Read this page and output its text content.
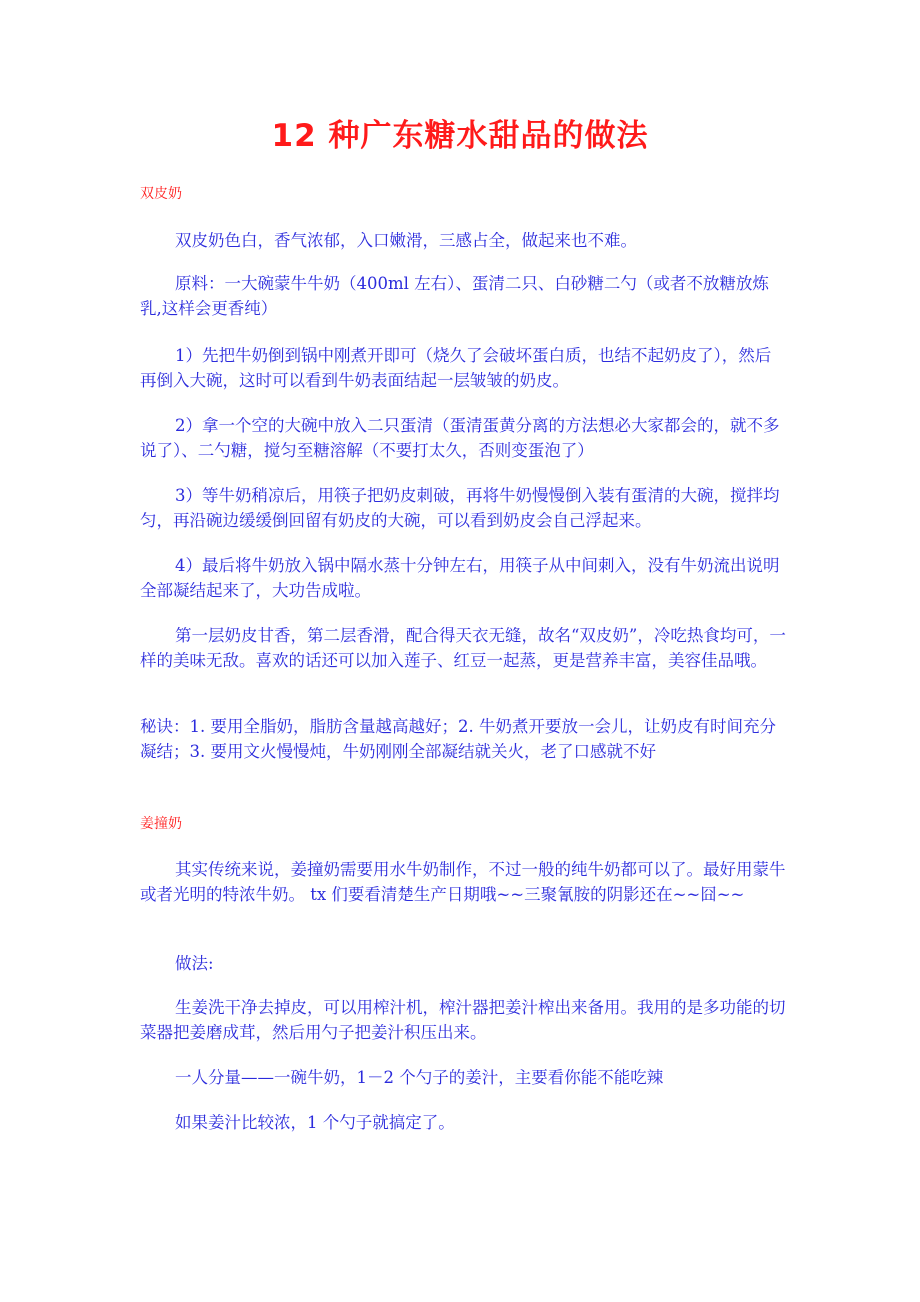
12 种广东糖水甜品的做法
双皮奶
双皮奶色白，香气浓郁，入口嫩滑，三感占全，做起来也不难。
原料：一大碗蒙牛牛奶（400ml 左右）、蛋清二只、白砂糖二勺（或者不放糖放炼乳,这样会更香纯）
1）先把牛奶倒到锅中刚煮开即可（烧久了会破坏蛋白质，也结不起奶皮了），然后再倒入大碗，这时可以看到牛奶表面结起一层皱皱的奶皮。
2）拿一个空的大碗中放入二只蛋清（蛋清蛋黄分离的方法想必大家都会的，就不多说了）、二勺糖，搅匀至糖溶解（不要打太久，否则变蛋泡了）
3）等牛奶稍凉后，用筷子把奶皮刺破，再将牛奶慢慢倒入装有蛋清的大碗，搅拌均匀，再沿碗边缓缓倒回留有奶皮的大碗，可以看到奶皮会自己浮起来。
4）最后将牛奶放入锅中隔水蒸十分钟左右，用筷子从中间刺入，没有牛奶流出说明全部凝结起来了，大功告成啦。
第一层奶皮甘香，第二层香滑，配合得天衣无缝，故名“双皮奶”，冷吃热食均可，一样的美味无敌。喜欢的话还可以加入莲子、红豆一起蒸，更是营养丰富，美容佳品哦。
秘诀：1. 要用全脂奶，脂肪含量越高越好；2. 牛奶煮开要放一会儿，让奶皮有时间充分凝结；3. 要用文火慢慢炖，牛奶刚刚全部凝结就关火，老了口感就不好
姜撞奶
其实传统来说，姜撞奶需要用水牛奶制作，不过一般的纯牛奶都可以了。最好用蒙牛或者光明的特浓牛奶。 tx 们要看清楚生产日期哦~~三聚氰胺的阴影还在~~囧~~
做法:
生姜洗干净去掉皮，可以用榨汁机，榨汁器把姜汁榨出来备用。我用的是多功能的切菜器把姜磨成茸，然后用勺子把姜汁积压出来。
一人分量——一碗牛奶，1－2 个勺子的姜汁，主要看你能不能吃辣
如果姜汁比较浓，1 个勺子就搞定了。
